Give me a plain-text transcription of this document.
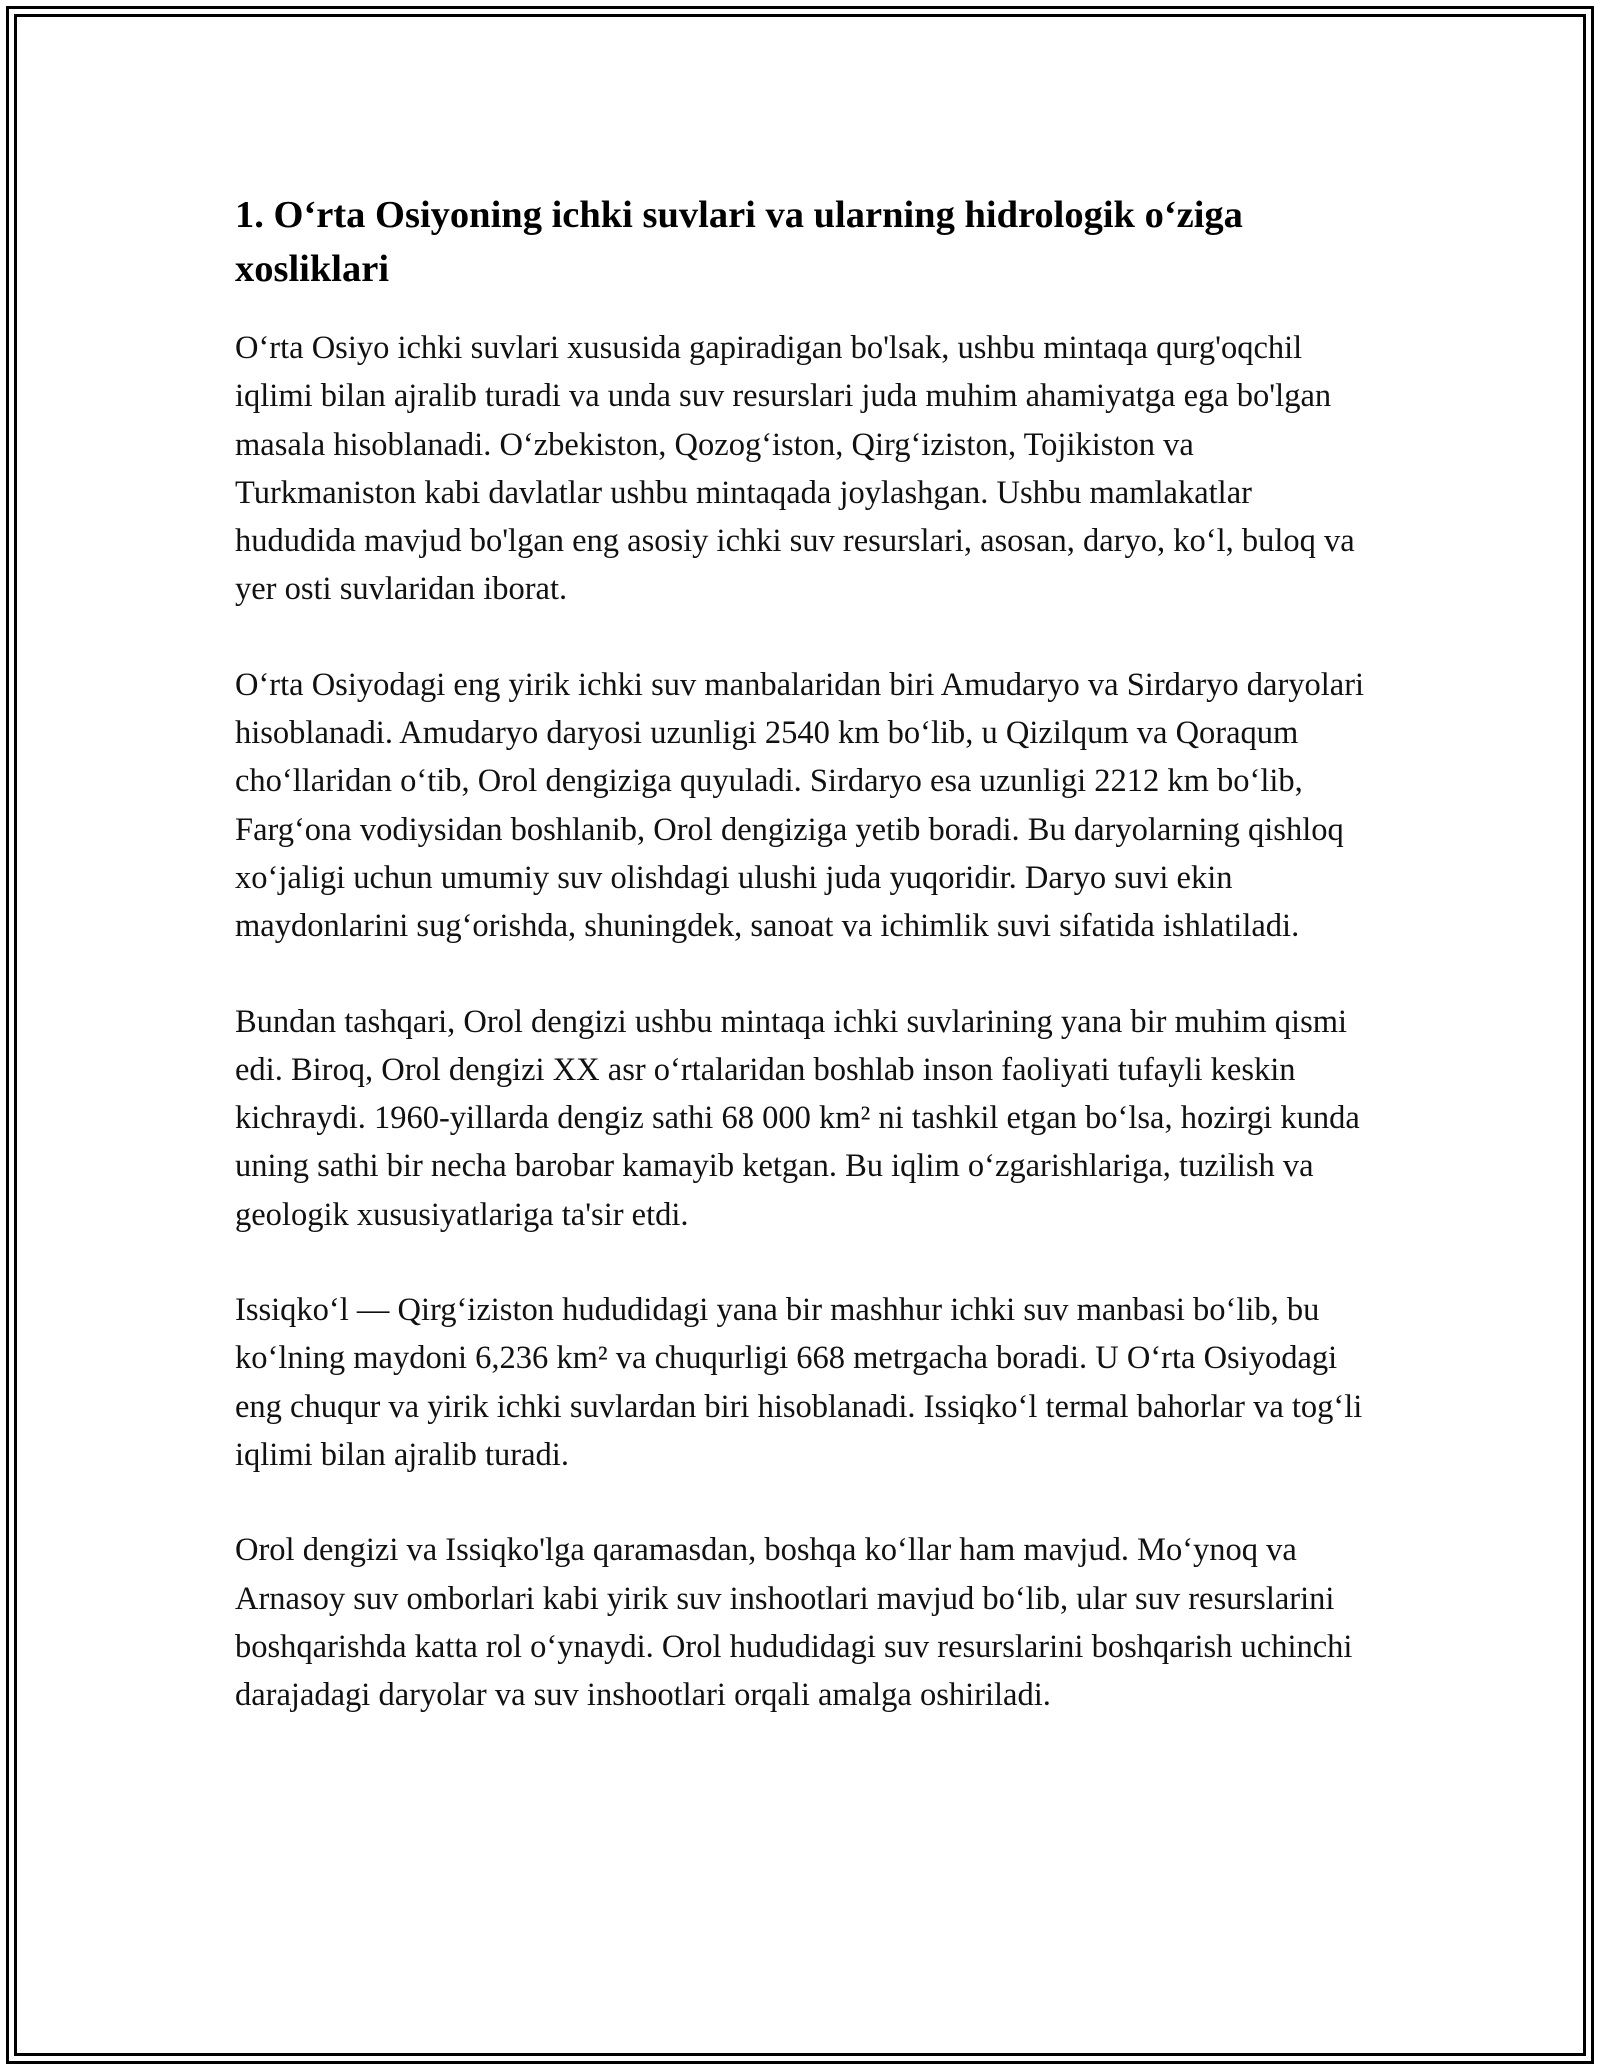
1. O‘rta Osiyoning ichki suvlari va ularning hidrologik o‘ziga xosliklari

O‘rta Osiyo ichki suvlari xususida gapiradigan bo'lsak, ushbu mintaqa qurg'oqchil iqlimi bilan ajralib turadi va unda suv resurslari juda muhim ahamiyatga ega bo'lgan masala hisoblanadi. O‘zbekiston, Qozog‘iston, Qirg‘iziston, Tojikiston va Turkmaniston kabi davlatlar ushbu mintaqada joylashgan. Ushbu mamlakatlar hududida mavjud bo'lgan eng asosiy ichki suv resurslari, asosan, daryo, ko‘l, buloq va yer osti suvlaridan iborat.

O‘rta Osiyodagi eng yirik ichki suv manbalaridan biri Amudaryo va Sirdaryo daryolari hisoblanadi. Amudaryo daryosi uzunligi 2540 km bo‘lib, u Qizilqum va Qoraqum cho‘llaridan o‘tib, Orol dengiziga quyuladi. Sirdaryo esa uzunligi 2212 km bo‘lib, Farg‘ona vodiysidan boshlanib, Orol dengiziga yetib boradi. Bu daryolarning qishloq xo‘jaligi uchun umumiy suv olishdagi ulushi juda yuqoridir. Daryo suvi ekin maydonlarini sug‘orishda, shuningdek, sanoat va ichimlik suvi sifatida ishlatiladi.

Bundan tashqari, Orol dengizi ushbu mintaqa ichki suvlarining yana bir muhim qismi edi. Biroq, Orol dengizi XX asr o‘rtalaridan boshlab inson faoliyati tufayli keskin kichraydi. 1960-yillarda dengiz sathi 68 000 km² ni tashkil etgan bo‘lsa, hozirgi kunda uning sathi bir necha barobar kamayib ketgan. Bu iqlim o‘zgarishlariga, tuzilish va geologik xususiyatlariga ta'sir etdi.

Issiqko‘l — Qirg‘iziston hududidagi yana bir mashhur ichki suv manbasi bo‘lib, bu ko‘lning maydoni 6,236 km² va chuqurligi 668 metrgacha boradi. U O‘rta Osiyodagi eng chuqur va yirik ichki suvlardan biri hisoblanadi. Issiqko‘l termal bahorlar va tog‘li iqlimi bilan ajralib turadi.

Orol dengizi va Issiqko'lga qaramasdan, boshqa ko‘llar ham mavjud. Mo‘ynoq va Arnasoy suv omborlari kabi yirik suv inshootlari mavjud bo‘lib, ular suv resurslarini boshqarishda katta rol o‘ynaydi. Orol hududidagi suv resurslarini boshqarish uchinchi darajadagi daryolar va suv inshootlari orqali amalga oshiriladi.
